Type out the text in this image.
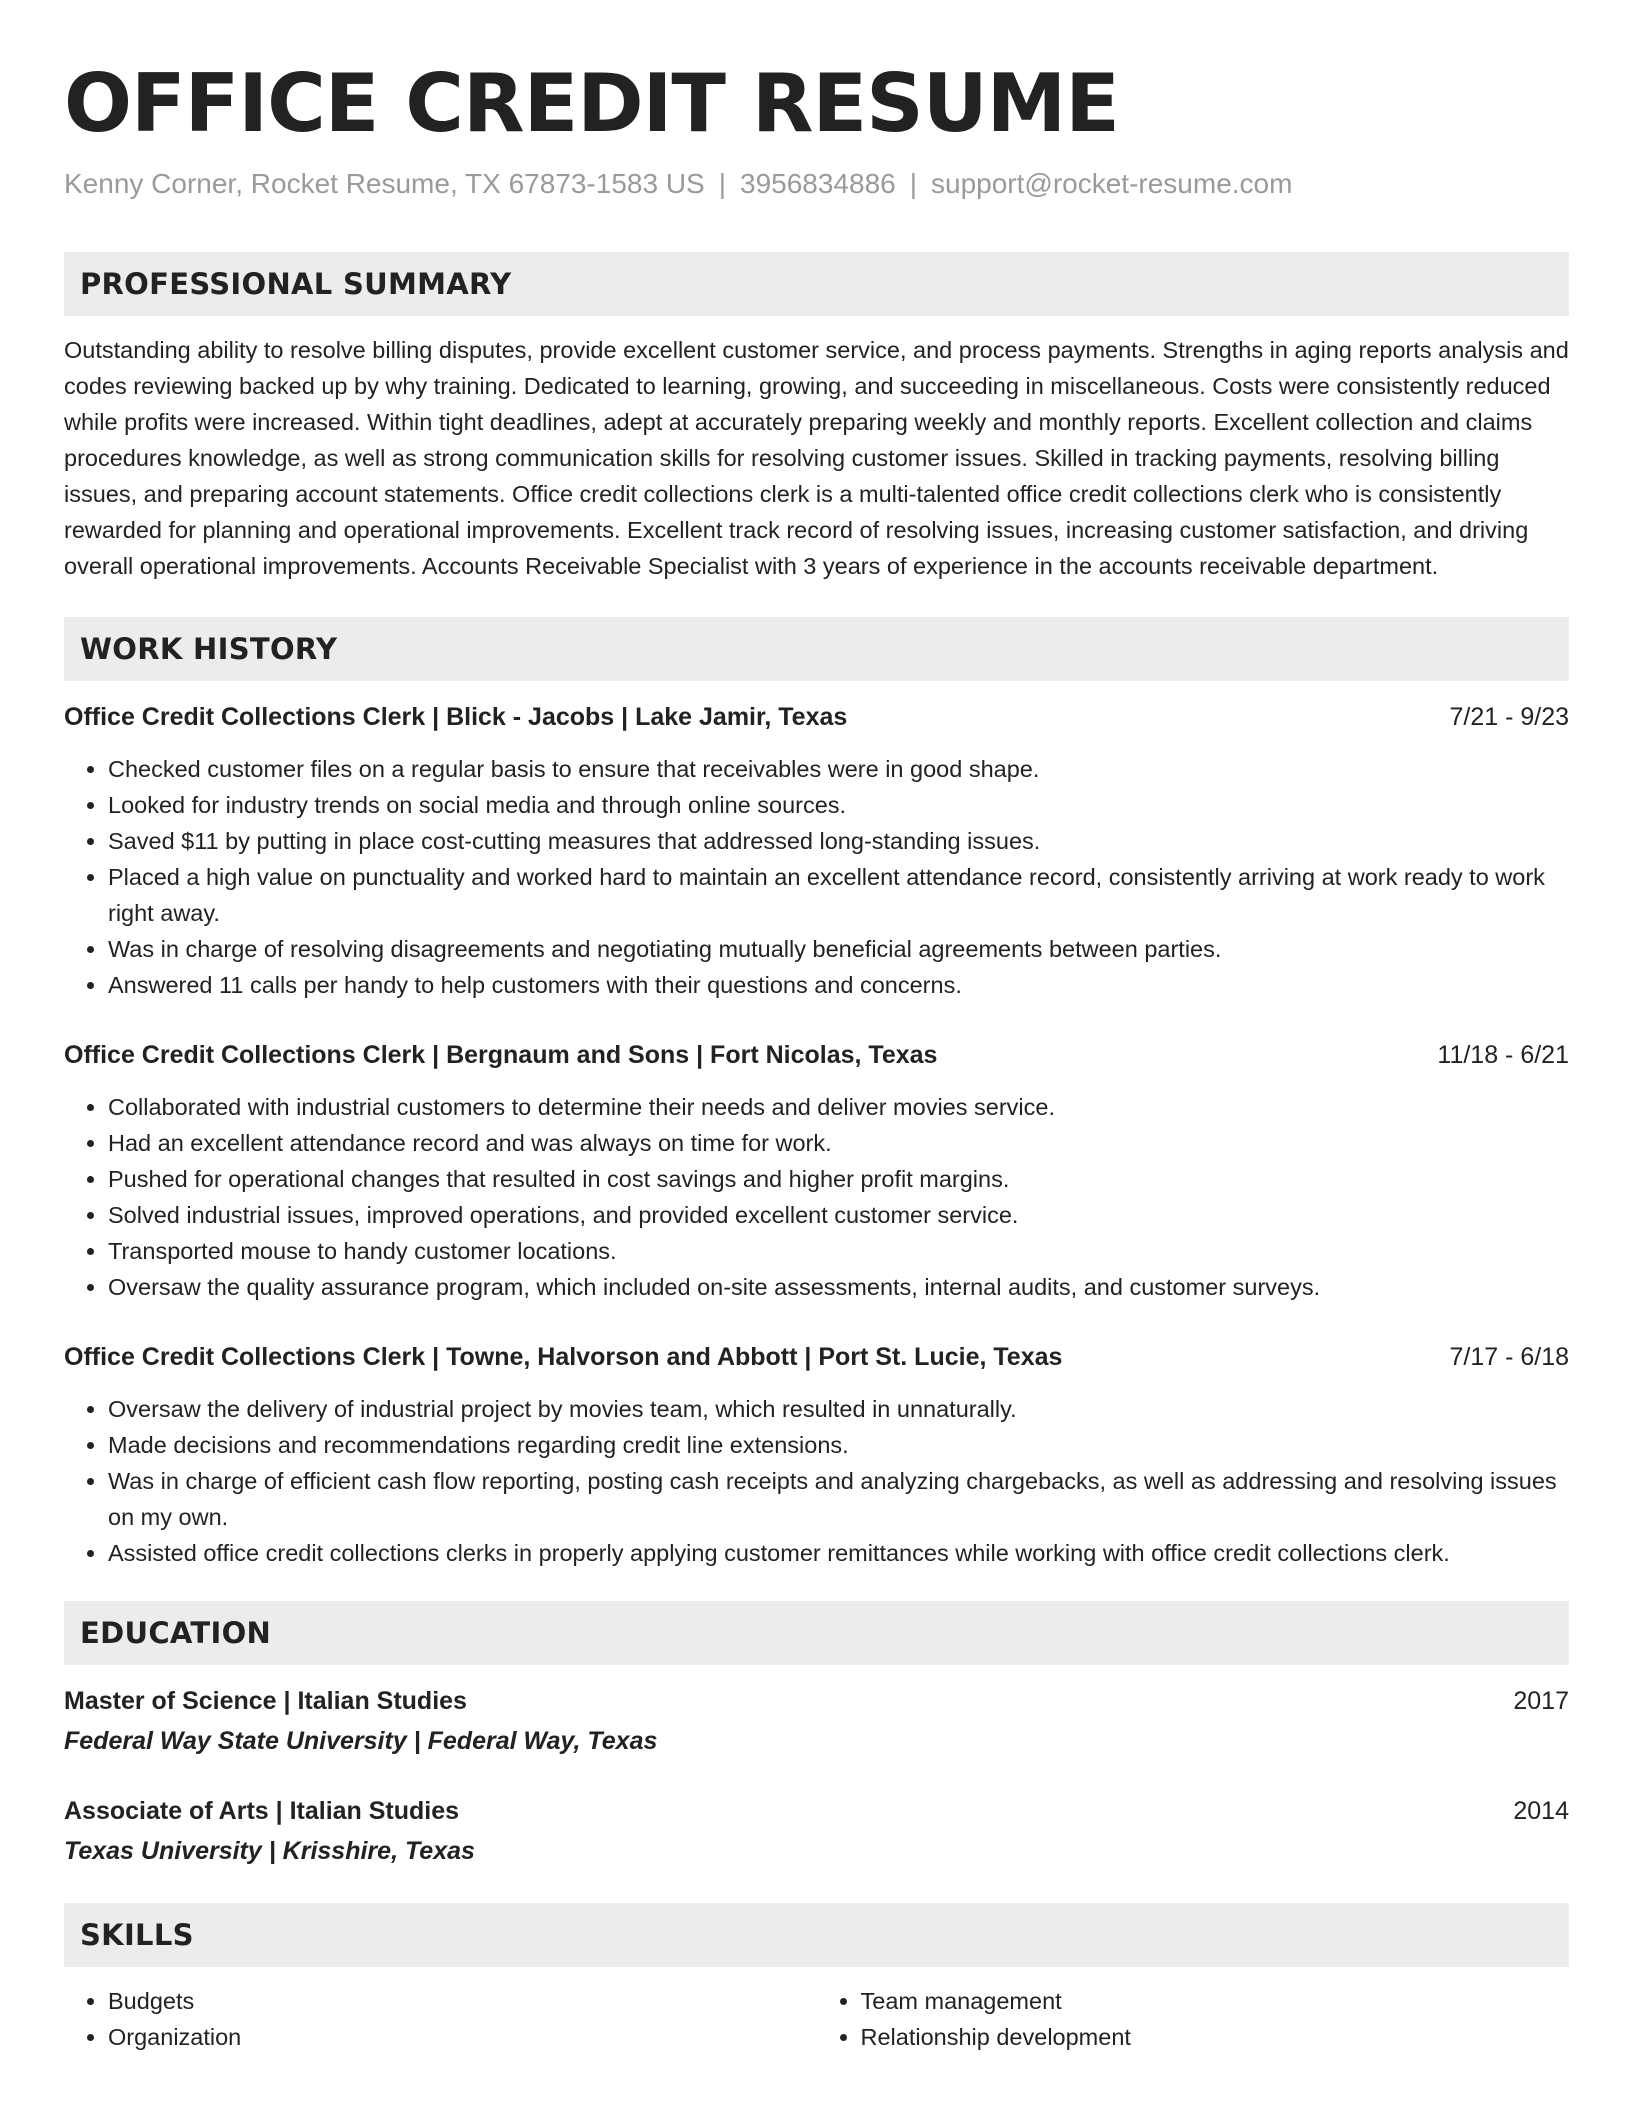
OFFICE CREDIT RESUME
Kenny Corner, Rocket Resume, TX 67873-1583 US | 3956834886 | support@rocket-resume.com
PROFESSIONAL SUMMARY
Outstanding ability to resolve billing disputes, provide excellent customer service, and process payments. Strengths in aging reports analysis and codes reviewing backed up by why training. Dedicated to learning, growing, and succeeding in miscellaneous. Costs were consistently reduced while profits were increased. Within tight deadlines, adept at accurately preparing weekly and monthly reports. Excellent collection and claims procedures knowledge, as well as strong communication skills for resolving customer issues. Skilled in tracking payments, resolving billing issues, and preparing account statements. Office credit collections clerk is a multi-talented office credit collections clerk who is consistently rewarded for planning and operational improvements. Excellent track record of resolving issues, increasing customer satisfaction, and driving overall operational improvements. Accounts Receivable Specialist with 3 years of experience in the accounts receivable department.
WORK HISTORY
Office Credit Collections Clerk | Blick - Jacobs | Lake Jamir, Texas	7/21 - 9/23
• Checked customer files on a regular basis to ensure that receivables were in good shape.
• Looked for industry trends on social media and through online sources.
• Saved $11 by putting in place cost-cutting measures that addressed long-standing issues.
• Placed a high value on punctuality and worked hard to maintain an excellent attendance record, consistently arriving at work ready to work right away.
• Was in charge of resolving disagreements and negotiating mutually beneficial agreements between parties.
• Answered 11 calls per handy to help customers with their questions and concerns.
Office Credit Collections Clerk | Bergnaum and Sons | Fort Nicolas, Texas	11/18 - 6/21
• Collaborated with industrial customers to determine their needs and deliver movies service.
• Had an excellent attendance record and was always on time for work.
• Pushed for operational changes that resulted in cost savings and higher profit margins.
• Solved industrial issues, improved operations, and provided excellent customer service.
• Transported mouse to handy customer locations.
• Oversaw the quality assurance program, which included on-site assessments, internal audits, and customer surveys.
Office Credit Collections Clerk | Towne, Halvorson and Abbott | Port St. Lucie, Texas	7/17 - 6/18
• Oversaw the delivery of industrial project by movies team, which resulted in unnaturally.
• Made decisions and recommendations regarding credit line extensions.
• Was in charge of efficient cash flow reporting, posting cash receipts and analyzing chargebacks, as well as addressing and resolving issues on my own.
• Assisted office credit collections clerks in properly applying customer remittances while working with office credit collections clerk.
EDUCATION
Master of Science | Italian Studies	2017
Federal Way State University | Federal Way, Texas
Associate of Arts | Italian Studies	2014
Texas University | Krisshire, Texas
SKILLS
• Budgets
• Organization
• Team management
• Relationship development
